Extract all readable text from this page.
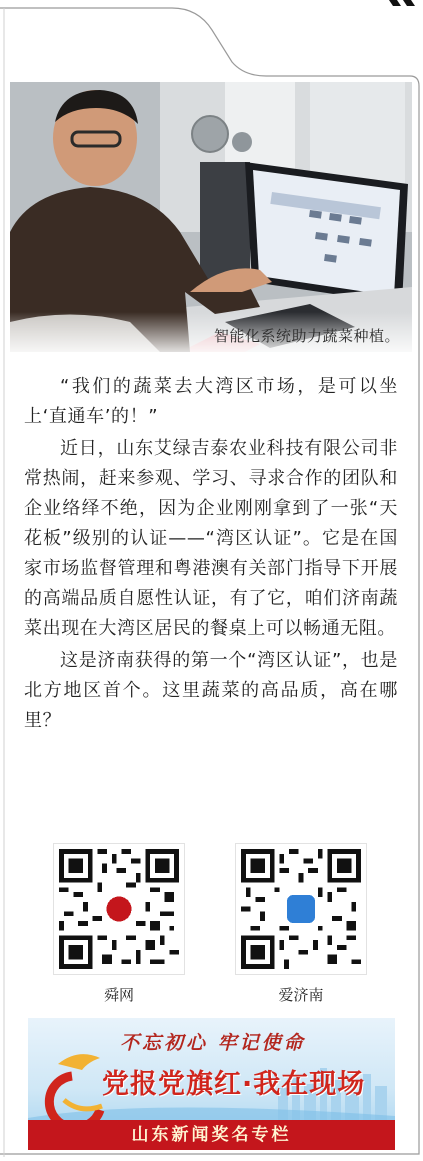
智能化系统助力蔬菜种植。

“我们的蔬菜去大湾区市场，是可以坐上‘直通车’的！”

近日，山东艾绿吉泰农业科技有限公司非常热闹，赶来参观、学习、寻求合作的团队和企业络绎不绝，因为企业刚刚拿到了一张“天花板”级别的认证——“湾区认证”。它是在国家市场监督管理和粤港澳有关部门指导下开展的高端品质自愿性认证，有了它，咱们济南蔬菜出现在大湾区居民的餐桌上可以畅通无阻。

这是济南获得的第一个“湾区认证”，也是北方地区首个。这里蔬菜的高品质，高在哪里？

舜网	爱济南
不忘初心 牢记使命
党报党旗红·我在现场
山东新闻奖名专栏
